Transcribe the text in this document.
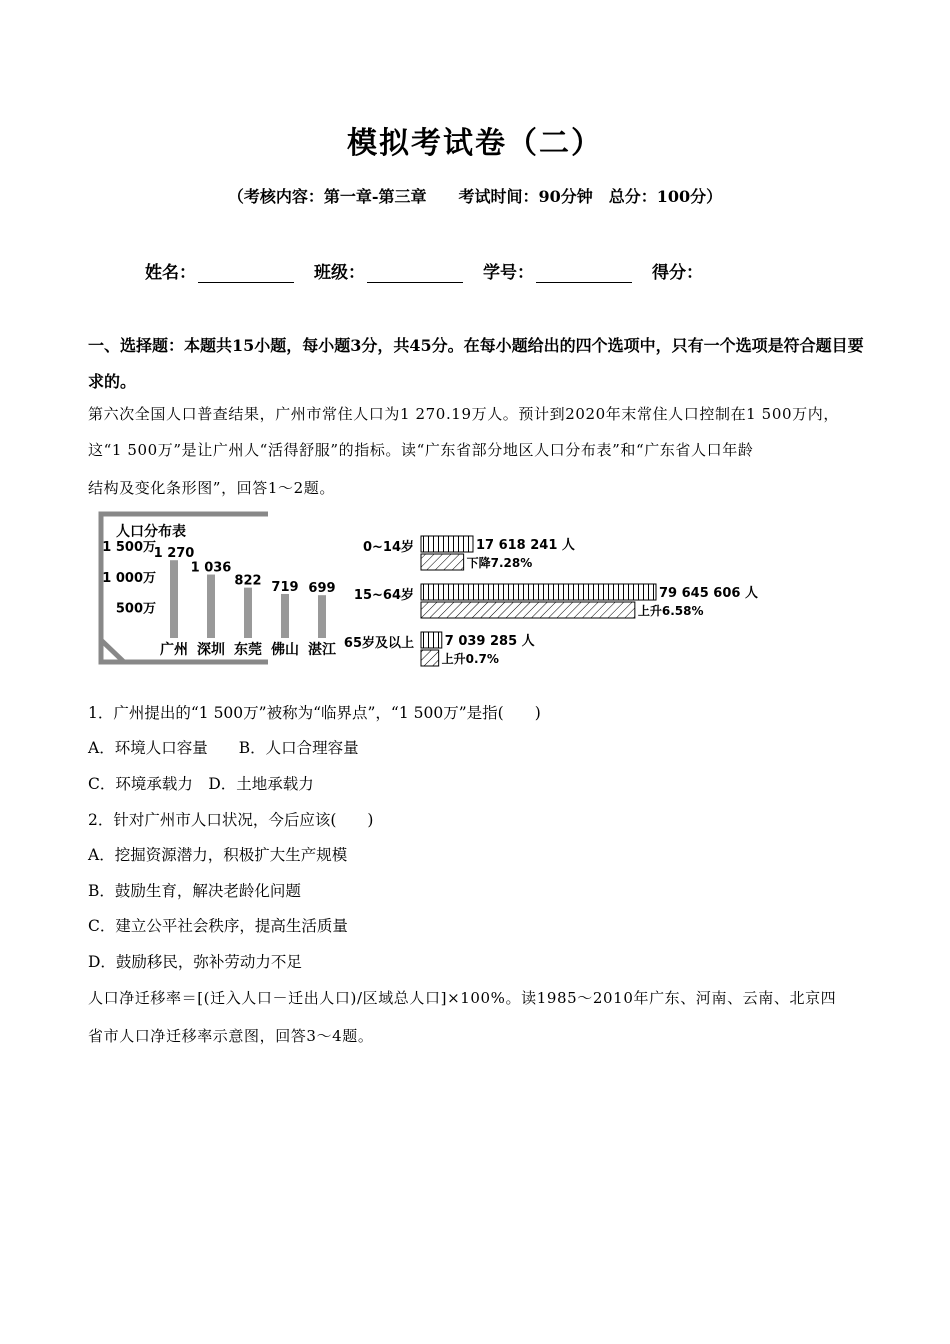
模拟考试卷（二）
（考核内容：第一章-第三章　　考试时间：90分钟　总分：100分）
姓名：	班级：	学号：	得分：
一、选择题：本题共15小题，每小题3分，共45分。在每小题给出的四个选项中，只有一个选项是符合题目要求的。
第六次全国人口普查结果，广州市常住人口为1 270.19万人。预计到2020年末常住人口控制在1 500万内，
这“1 500万”是让广州人“活得舒服”的指标。读“广东省部分地区人口分布表”和“广东省人口年龄
结构及变化条形图”，回答1～2题。
人口分布表
1 500万
1 000万
500万
1 270
广州
1 036
深圳
822
东莞
719
佛山
699
湛江
0~14岁	17 618 241 人
下降7.28%
15~64岁	79 645 606 人
上升6.58%
65岁及以上 7 039 285 人
上升0.7%
1．广州提出的“1 500万”被称为“临界点”，“1 500万”是指(　　)
A．环境人口容量　　B．人口合理容量
C．环境承载力　D．土地承载力
2．针对广州市人口状况，今后应该(　　)
A．挖掘资源潜力，积极扩大生产规模
B．鼓励生育，解决老龄化问题
C．建立公平社会秩序，提高生活质量
D．鼓励移民，弥补劳动力不足
人口净迁移率＝[(迁入人口－迁出人口)/区域总人口]×100%。读1985～2010年广东、河南、云南、北京四
省市人口净迁移率示意图，回答3～4题。
